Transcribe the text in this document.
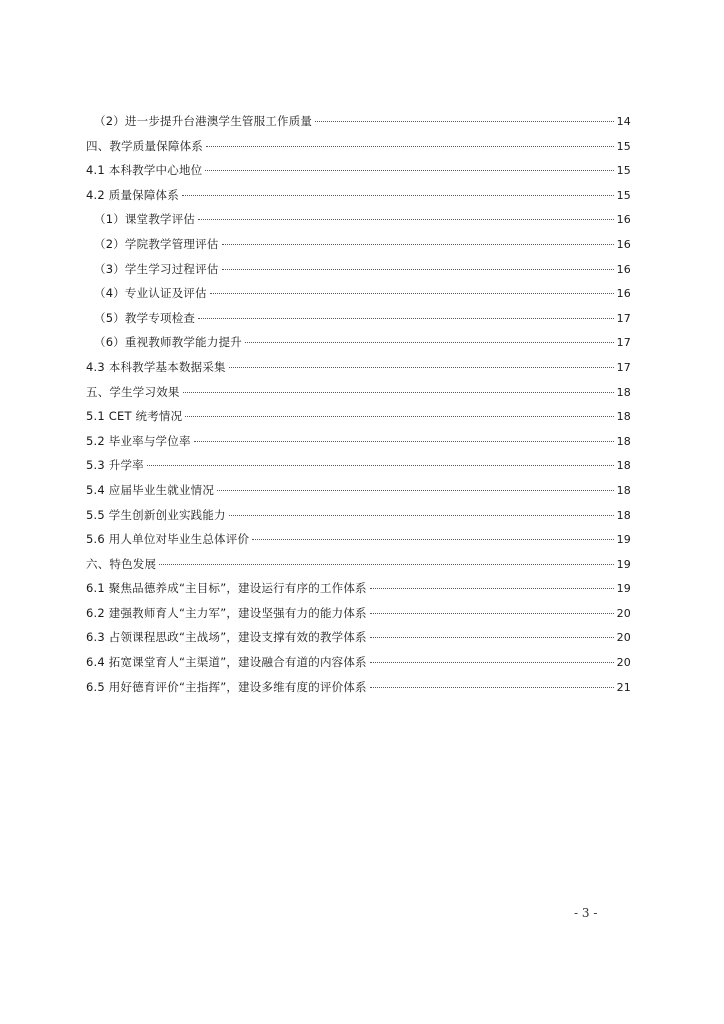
（2）进一步提升台港澳学生管服工作质量	14
四、教学质量保障体系	15
4.1 本科教学中心地位	15
4.2 质量保障体系	15
（1）课堂教学评估	16
（2）学院教学管理评估	16
（3）学生学习过程评估	16
（4）专业认证及评估	16
（5）教学专项检查	17
（6）重视教师教学能力提升	17
4.3 本科教学基本数据采集	17
五、学生学习效果	18
5.1 CET 统考情况	18
5.2 毕业率与学位率	18
5.3 升学率	18
5.4 应届毕业生就业情况	18
5.5 学生创新创业实践能力	18
5.6 用人单位对毕业生总体评价	19
六、特色发展	19
6.1 聚焦品德养成“主目标”，建设运行有序的工作体系	19
6.2 建强教师育人“主力军”，建设坚强有力的能力体系	20
6.3 占领课程思政“主战场”，建设支撑有效的教学体系	20
6.4 拓宽课堂育人“主渠道”，建设融合有道的内容体系	20
6.5 用好德育评价“主指挥”，建设多维有度的评价体系	21
- 3 -
